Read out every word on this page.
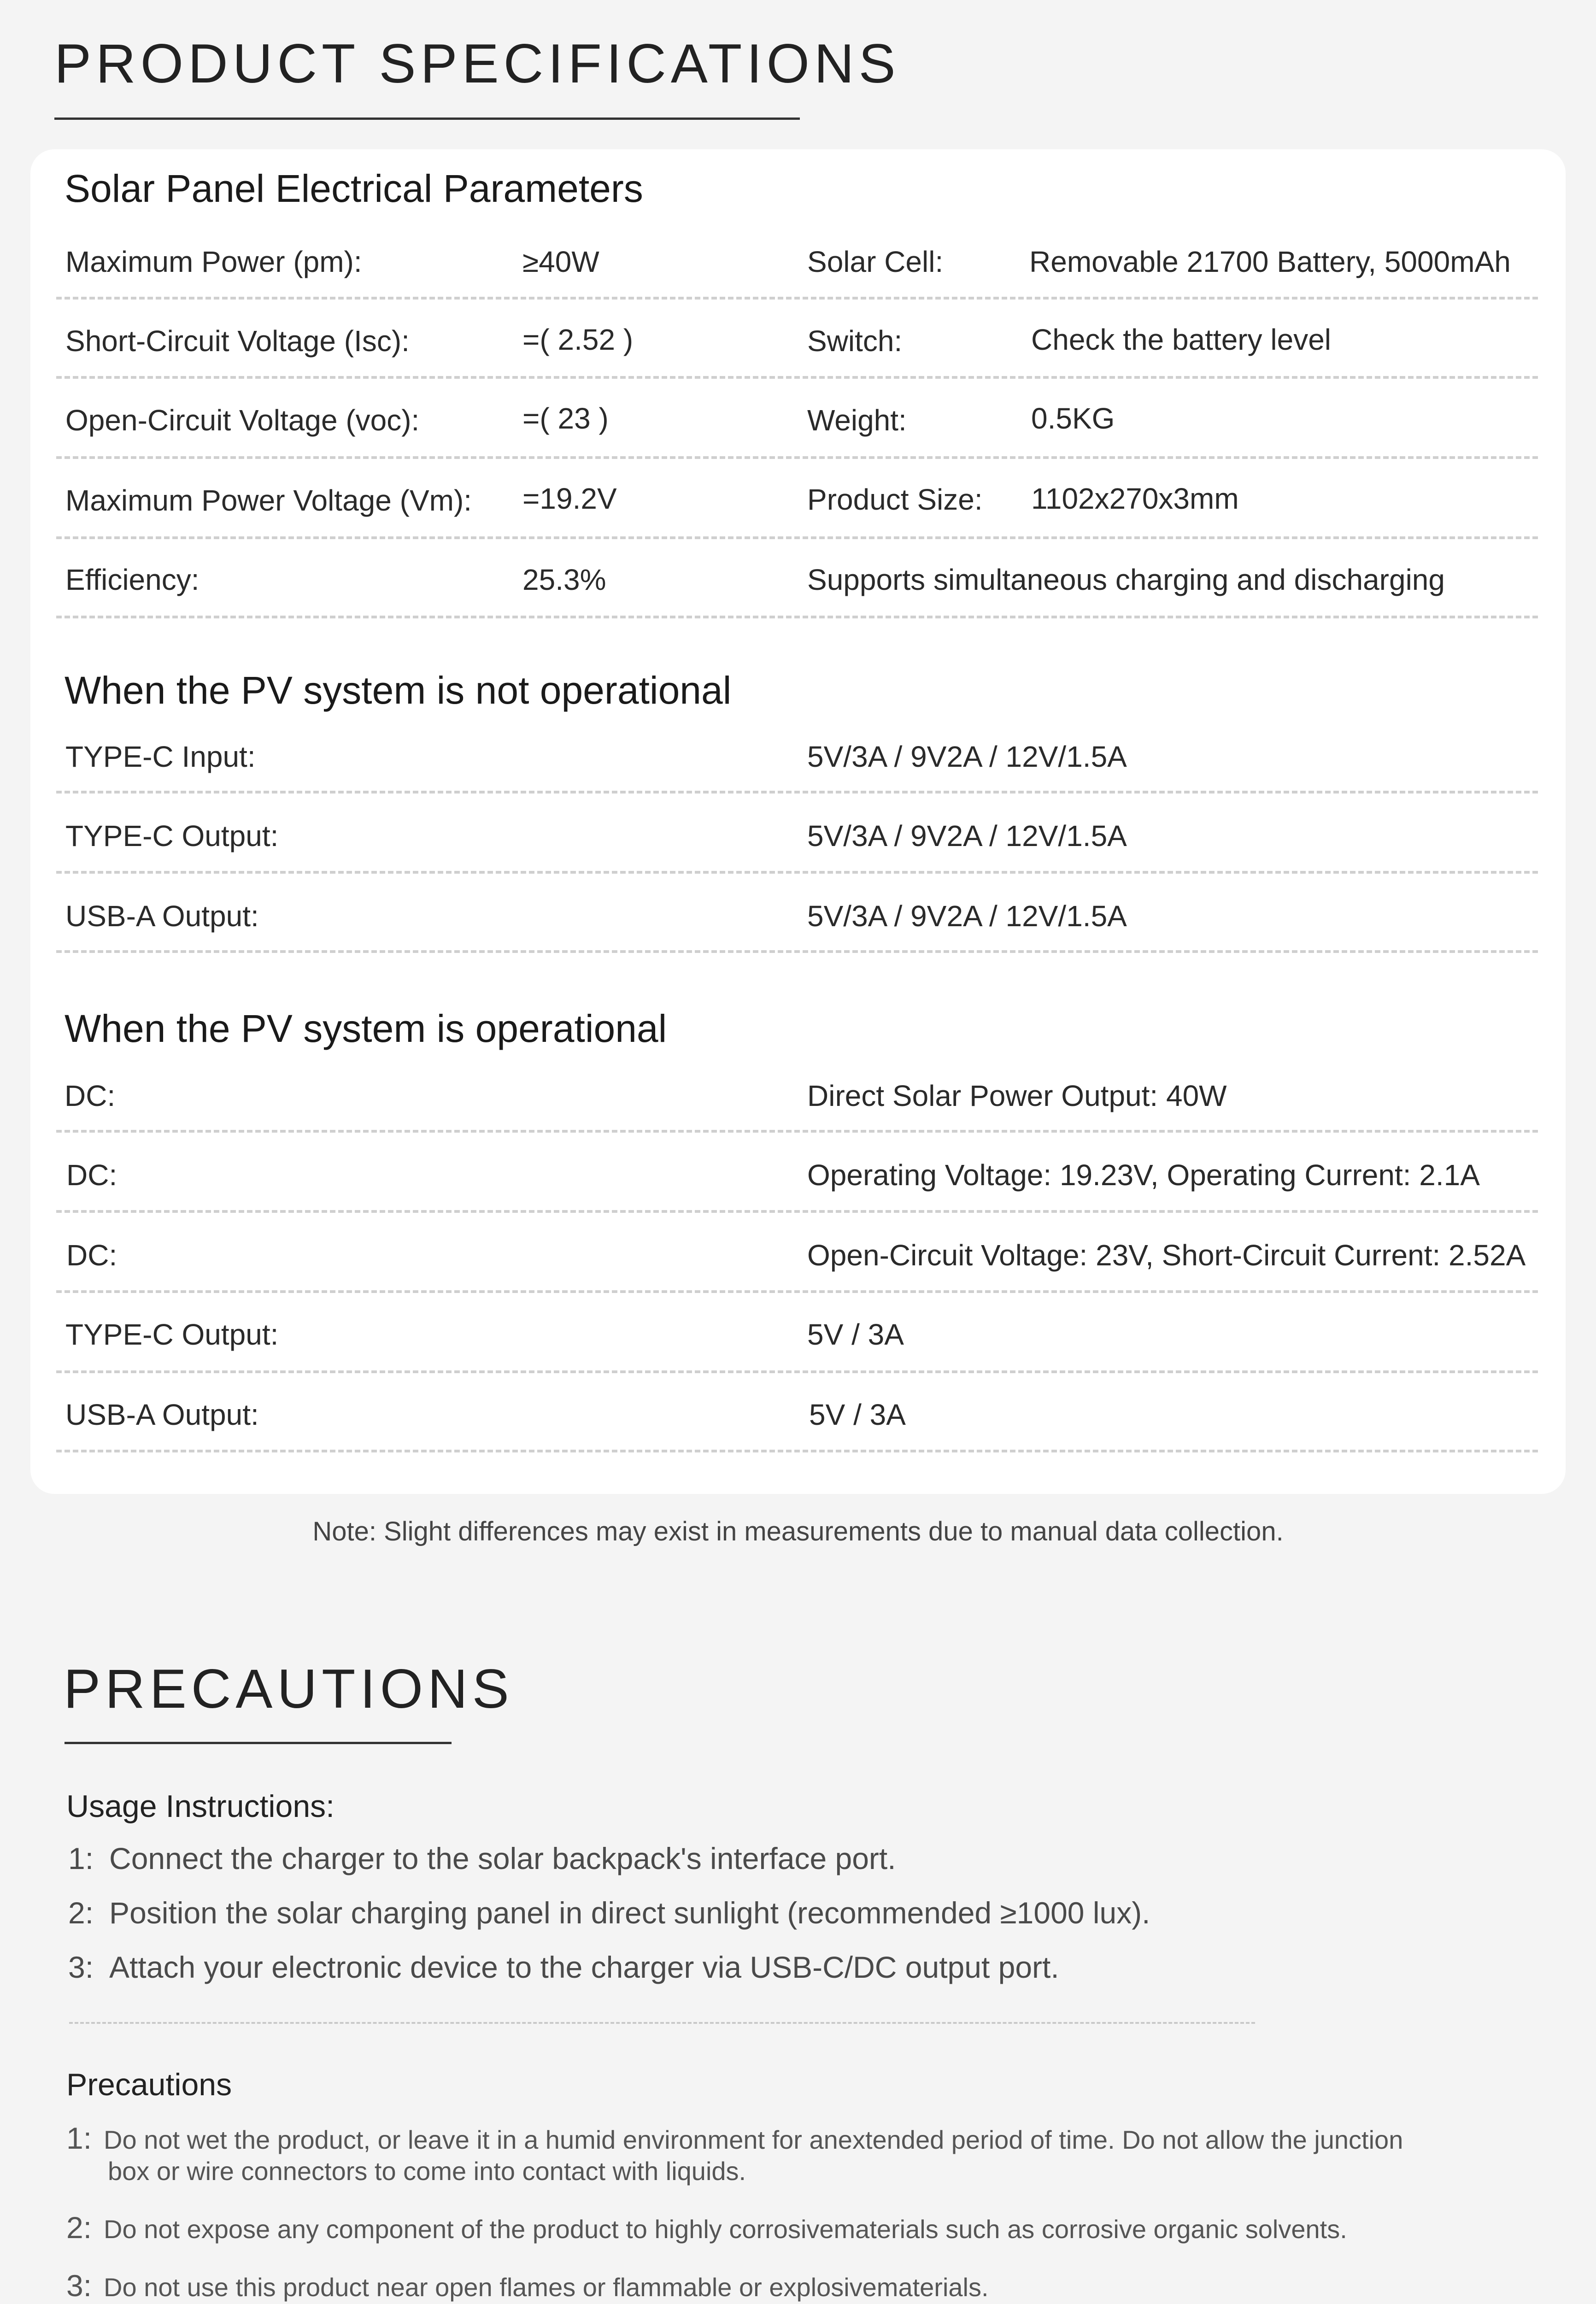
PRODUCT SPECIFICATIONS
Solar Panel Electrical Parameters
Maximum Power (pm):	≥40W	Solar Cell:	Removable 21700 Battery, 5000mAh
Short-Circuit Voltage (Isc):	=( 2.52 )	Switch:	Check the battery level
Open-Circuit Voltage (voc):	=( 23 )	Weight:	0.5KG
Maximum Power Voltage (Vm): =19.2V	Product Size: 1102x270x3mm
Efficiency:	25.3%	Supports simultaneous charging and discharging
When the PV system is not operational
TYPE-C Input:	5V/3A / 9V2A / 12V/1.5A
TYPE-C Output:	5V/3A / 9V2A / 12V/1.5A
USB-A Output:	5V/3A / 9V2A / 12V/1.5A
When the PV system is operational
DC:	Direct Solar Power Output: 40W
DC:	Operating Voltage: 19.23V, Operating Current: 2.1A
DC:	Open-Circuit Voltage: 23V, Short-Circuit Current: 2.52A
TYPE-C Output:	5V / 3A
USB-A Output:	5V / 3A
Note: Slight differences may exist in measurements due to manual data collection.
PRECAUTIONS
Usage Instructions:
1: Connect the charger to the solar backpack's interface port.
2: Position the solar charging panel in direct sunlight (recommended ≥1000 lux).
3: Attach your electronic device to the charger via USB-C/DC output port.
Precautions
1: Do not wet the product, or leave it in a humid environment for anextended period of time. Do not allow the junction
box or wire connectors to come into contact with liquids.
2: Do not expose any component of the product to highly corrosivematerials such as corrosive organic solvents.
3: Do not use this product near open flames or flammable or explosivematerials.
